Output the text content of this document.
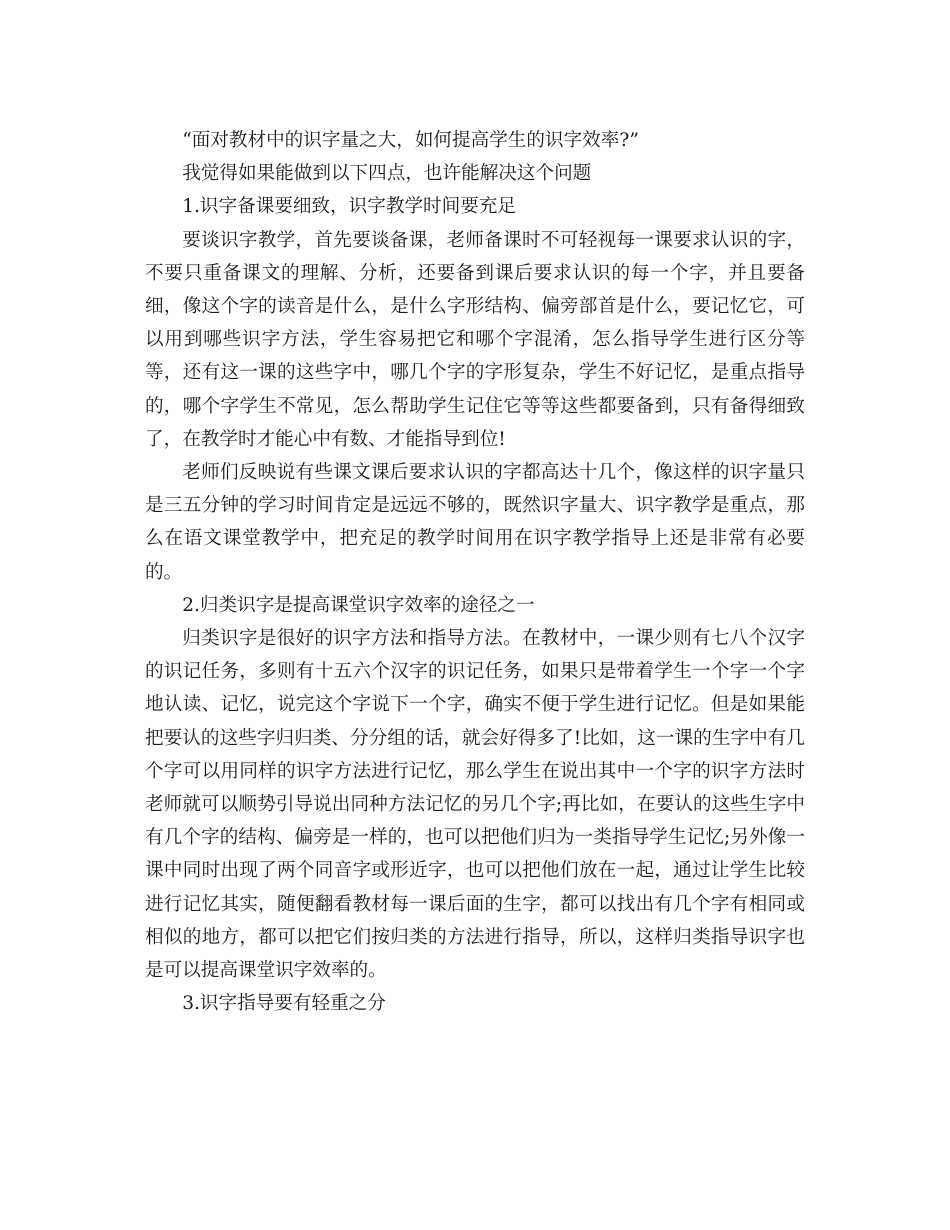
“面对教材中的识字量之大，如何提高学生的识字效率?”

我觉得如果能做到以下四点，也许能解决这个问题

1.识字备课要细致，识字教学时间要充足

要谈识字教学，首先要谈备课，老师备课时不可轻视每一课要求认识的字，不要只重备课文的理解、分析，还要备到课后要求认识的每一个字，并且要备细，像这个字的读音是什么，是什么字形结构、偏旁部首是什么，要记忆它，可以用到哪些识字方法，学生容易把它和哪个字混淆，怎么指导学生进行区分等等，还有这一课的这些字中，哪几个字的字形复杂，学生不好记忆，是重点指导的，哪个字学生不常见，怎么帮助学生记住它等等这些都要备到，只有备得细致了，在教学时才能心中有数、才能指导到位!

老师们反映说有些课文课后要求认识的字都高达十几个，像这样的识字量只是三五分钟的学习时间肯定是远远不够的，既然识字量大、识字教学是重点，那么在语文课堂教学中，把充足的教学时间用在识字教学指导上还是非常有必要的。

2.归类识字是提高课堂识字效率的途径之一

归类识字是很好的识字方法和指导方法。在教材中，一课少则有七八个汉字的识记任务，多则有十五六个汉字的识记任务，如果只是带着学生一个字一个字地认读、记忆，说完这个字说下一个字，确实不便于学生进行记忆。但是如果能把要认的这些字归归类、分分组的话，就会好得多了!比如，这一课的生字中有几个字可以用同样的识字方法进行记忆，那么学生在说出其中一个字的识字方法时老师就可以顺势引导说出同种方法记忆的另几个字;再比如，在要认的这些生字中有几个字的结构、偏旁是一样的，也可以把他们归为一类指导学生记忆;另外像一课中同时出现了两个同音字或形近字，也可以把他们放在一起，通过让学生比较进行记忆其实，随便翻看教材每一课后面的生字，都可以找出有几个字有相同或相似的地方，都可以把它们按归类的方法进行指导，所以，这样归类指导识字也是可以提高课堂识字效率的。

3.识字指导要有轻重之分
